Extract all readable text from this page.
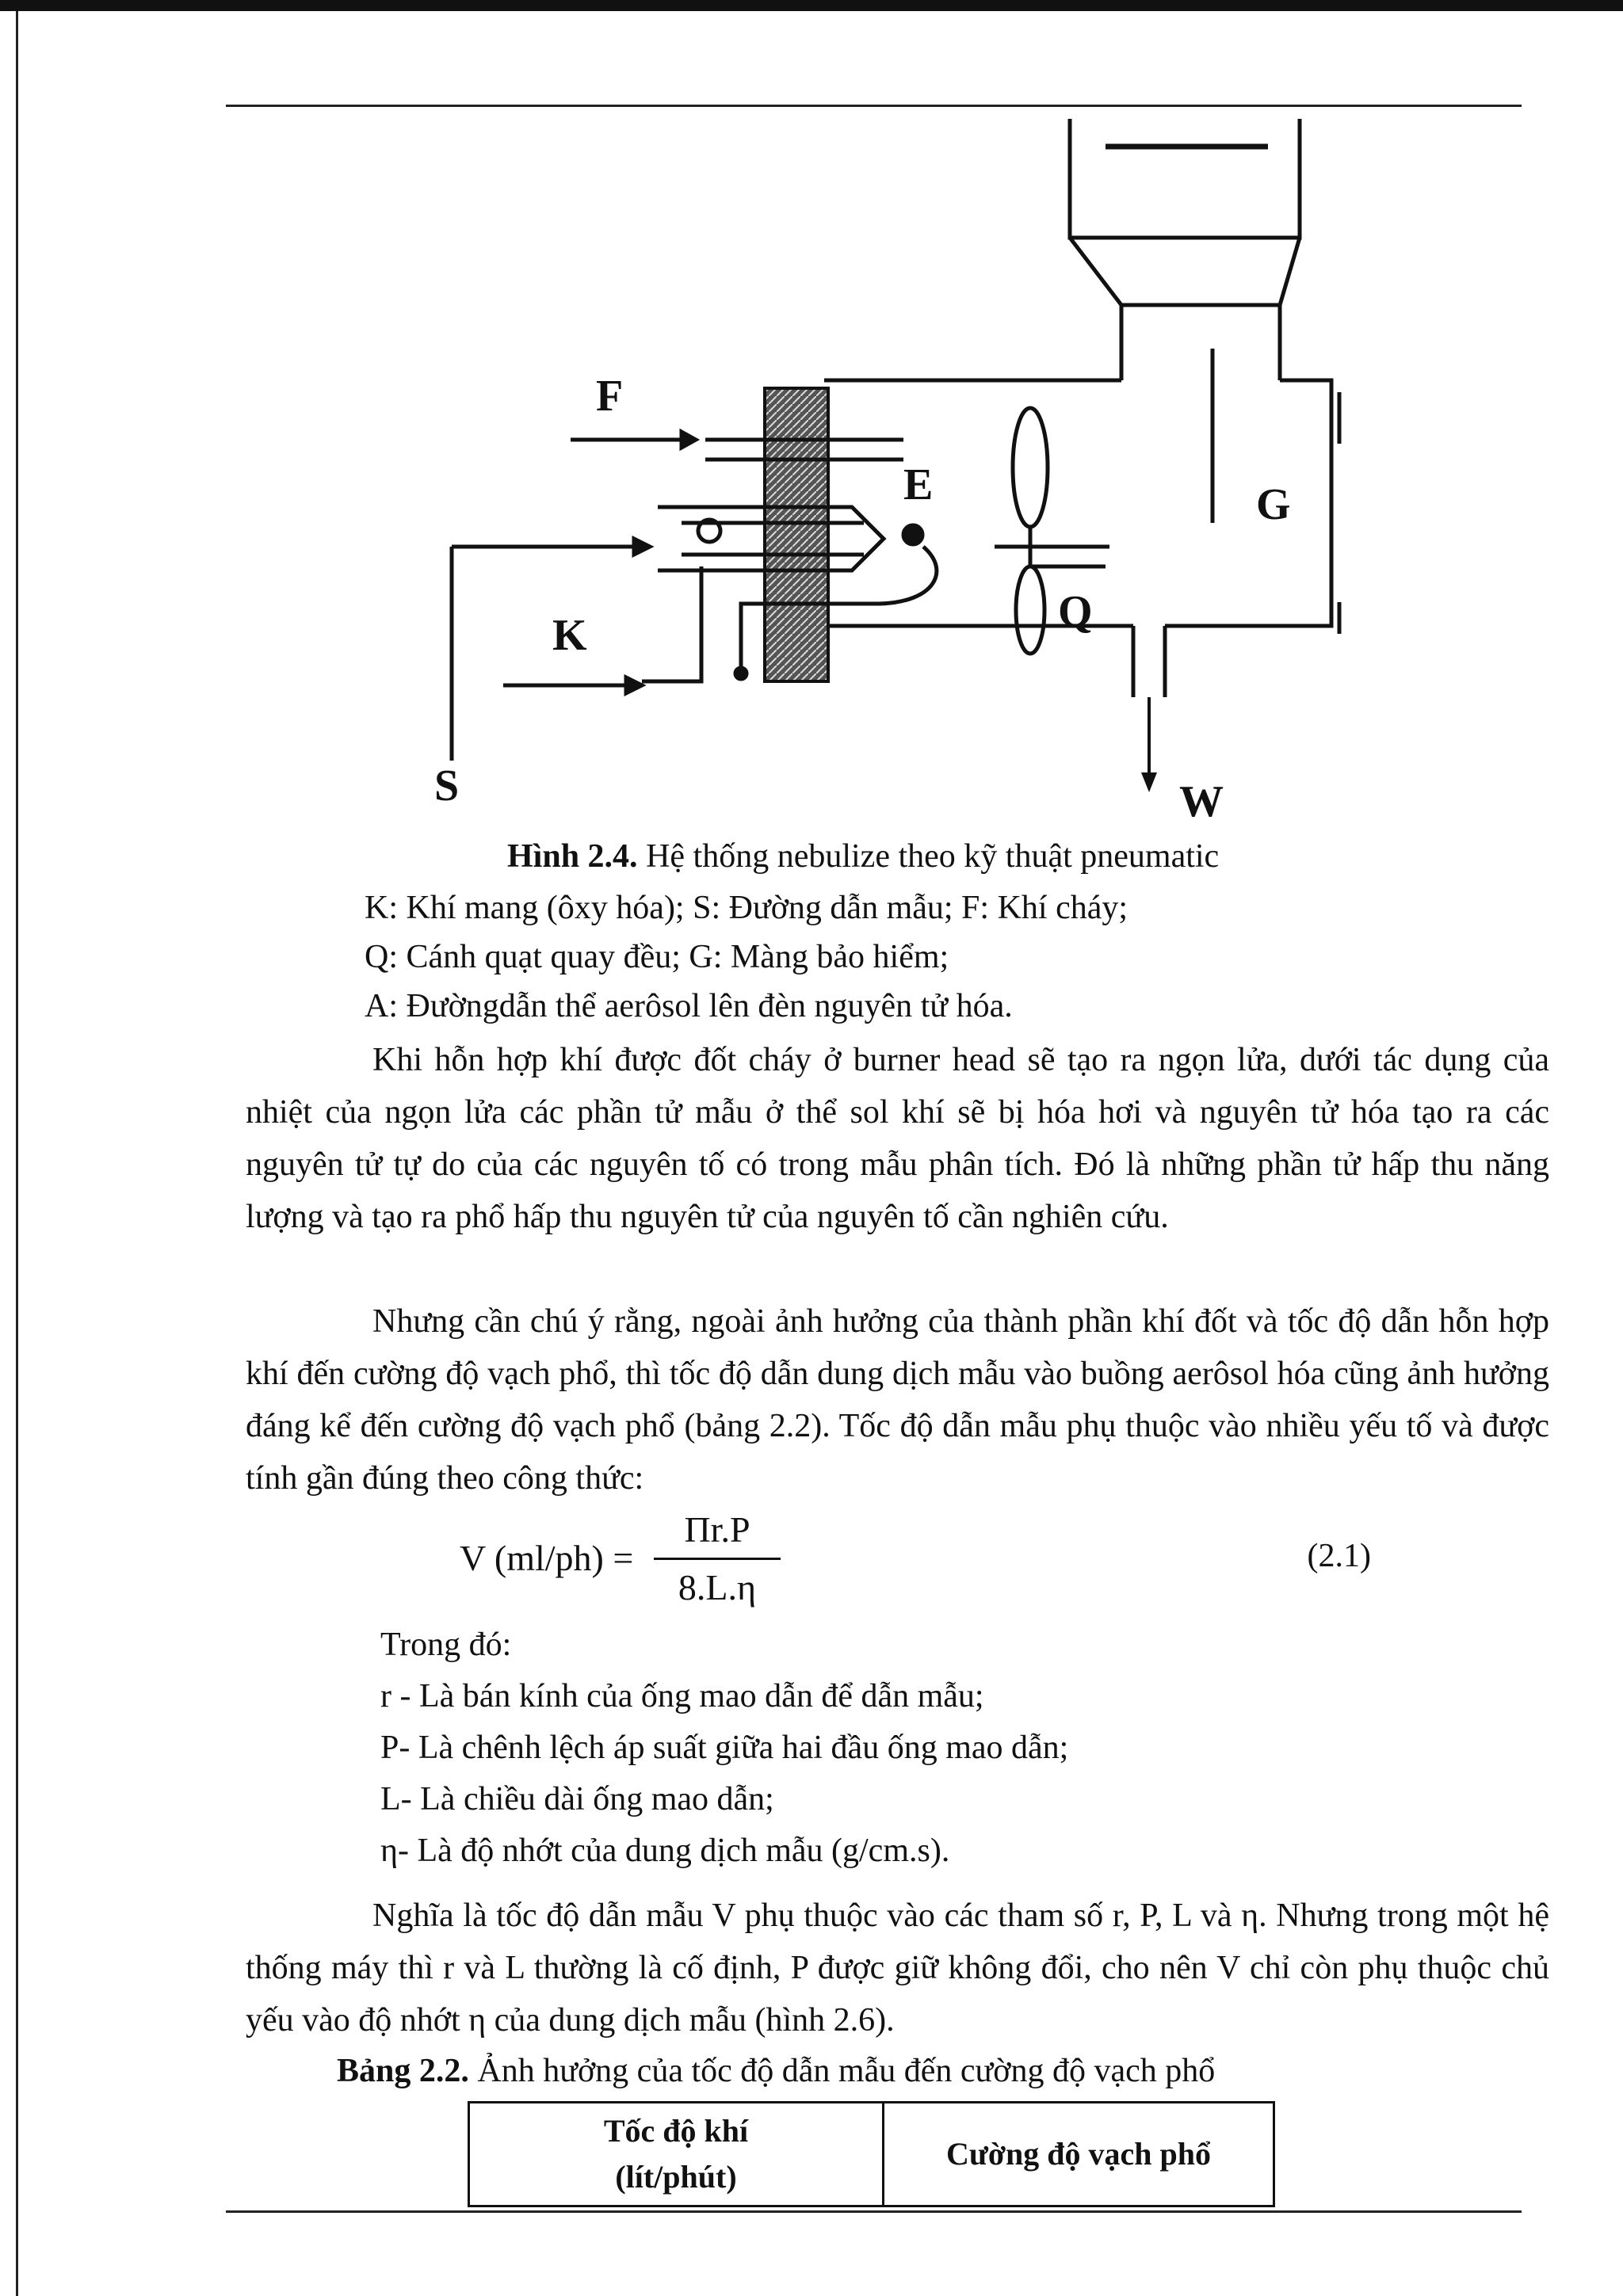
F
E	G
K	Q
S	W
Hình 2.4. Hệ thống nebulize theo kỹ thuật pneumatic
K: Khí mang (ôxy hóa); S: Đường dẫn mẫu; F: Khí cháy;
Q: Cánh quạt quay đều; G: Màng bảo hiểm;
A: Đườngdẫn thể aerôsol lên đèn nguyên tử hóa.

Khi hỗn hợp khí được đốt cháy ở burner head sẽ tạo ra ngọn lửa, dưới tác dụng của nhiệt của ngọn lửa các phần tử mẫu ở thể sol khí sẽ bị hóa hơi và nguyên tử hóa tạo ra các nguyên tử tự do của các nguyên tố có trong mẫu phân tích. Đó là những phần tử hấp thu năng lượng và tạo ra phổ hấp thu nguyên tử của nguyên tố cần nghiên cứu.

Nhưng cần chú ý rằng, ngoài ảnh hưởng của thành phần khí đốt và tốc độ dẫn hỗn hợp khí đến cường độ vạch phổ, thì tốc độ dẫn dung dịch mẫu vào buồng aerôsol hóa cũng ảnh hưởng đáng kể đến cường độ vạch phổ (bảng 2.2). Tốc độ dẫn mẫu phụ thuộc vào nhiều yếu tố và được tính gần đúng theo công thức:

V (ml/ph) =
Πr.P
8.L.η
(2.1)
Trong đó:
r - Là bán kính của ống mao dẫn để dẫn mẫu;
P- Là chênh lệch áp suất giữa hai đầu ống mao dẫn;
L- Là chiều dài ống mao dẫn;
η- Là độ nhớt của dung dịch mẫu (g/cm.s).

Nghĩa là tốc độ dẫn mẫu V phụ thuộc vào các tham số r, P, L và η. Nhưng trong một hệ thống máy thì r và L thường là cố định, P được giữ không đổi, cho nên V chỉ còn phụ thuộc chủ yếu vào độ nhớt η của dung dịch mẫu (hình 2.6).

Bảng 2.2. Ảnh hưởng của tốc độ dẫn mẫu đến cường độ vạch phổ
Tốc độ khí
(lít/phút)	Cường độ vạch phổ
